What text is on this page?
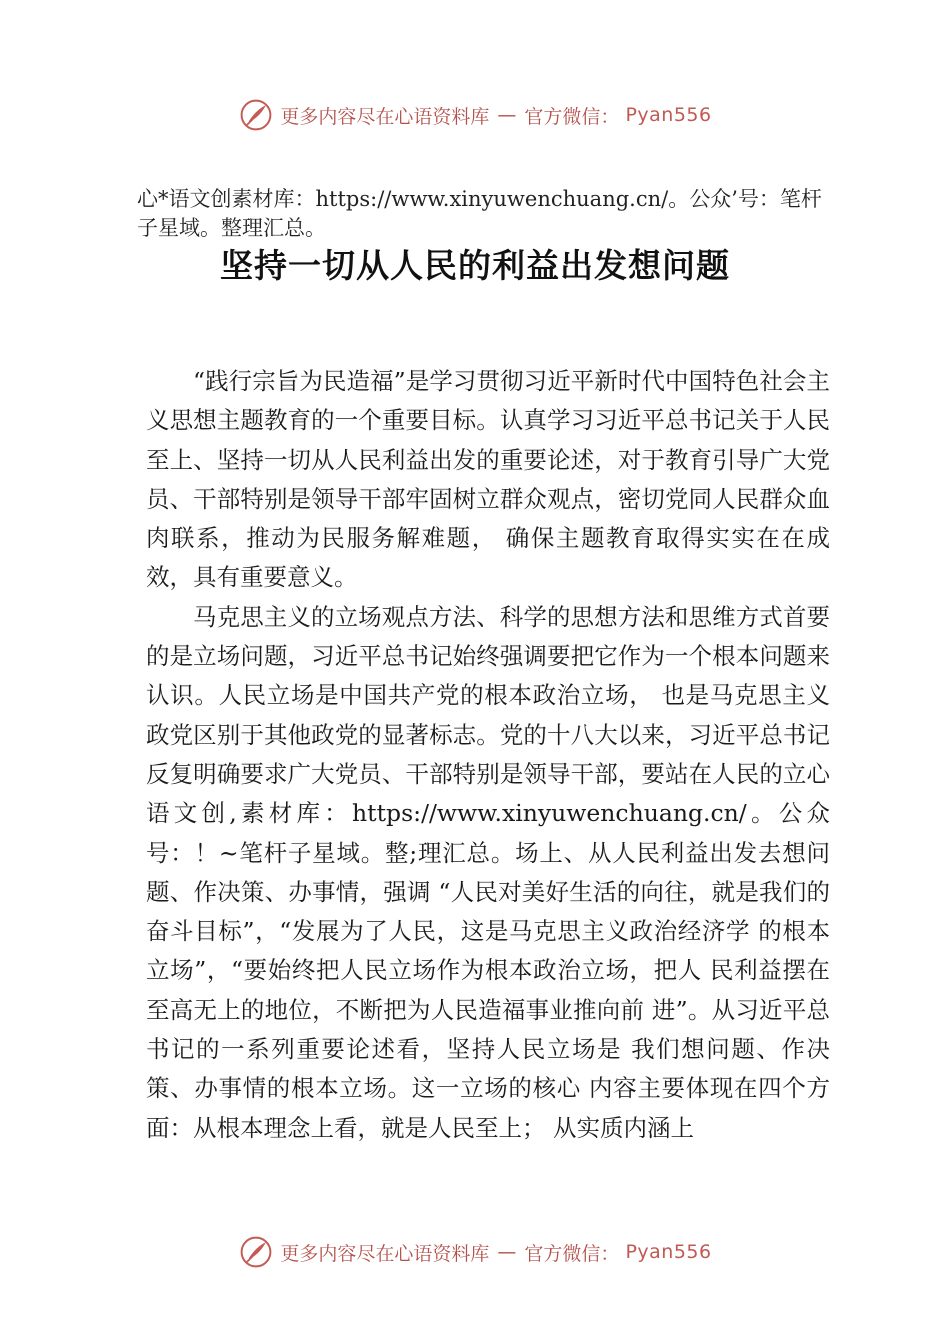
更多内容尽在心语资料库 — 官方微信： Pyan556
心*语文创素材库：https://www.xinyuwenchuang.cn/。公众’号：笔杆子星域。整理汇总。
坚持一切从人民的利益出发想问题

“践行宗旨为民造福”是学习贯彻习近平新时代中国特色社会主义思想主题教育的一个重要目标。认真学习习近平总书记关于人民至上、坚持一切从人民利益出发的重要论述，对于教育引导广大党员、干部特别是领导干部牢固树立群众观点，密切党同人民群众血肉联系，推动为民服务解难题， 确保主题教育取得实实在在成效，具有重要意义。

马克思主义的立场观点方法、科学的思想方法和思维方式首要的是立场问题，习近平总书记始终强调要把它作为一个根本问题来认识。人民立场是中国共产党的根本政治立场， 也是马克思主义政党区别于其他政党的显著标志。党的十八大以来，习近平总书记反复明确要求广大党员、干部特别是领导干部，要站在人民的立心语文创,素材库：https://www.xinyuwenchuang.cn/。公众号：！~笔杆子星域。整;理汇总。场上、从人民利益出发去想问题、作决策、办事情，强调 “人民对美好生活的向往，就是我们的奋斗目标”，“发展为了人民，这是马克思主义政治经济学 的根本立场”，“要始终把人民立场作为根本政治立场，把人 民利益摆在至高无上的地位，不断把为人民造福事业推向前 进”。从习近平总书记的一系列重要论述看，坚持人民立场是 我们想问题、作决策、办事情的根本立场。这一立场的核心 内容主要体现在四个方面：从根本理念上看，就是人民至上； 从实质内涵上

更多内容尽在心语资料库 — 官方微信： Pyan556
